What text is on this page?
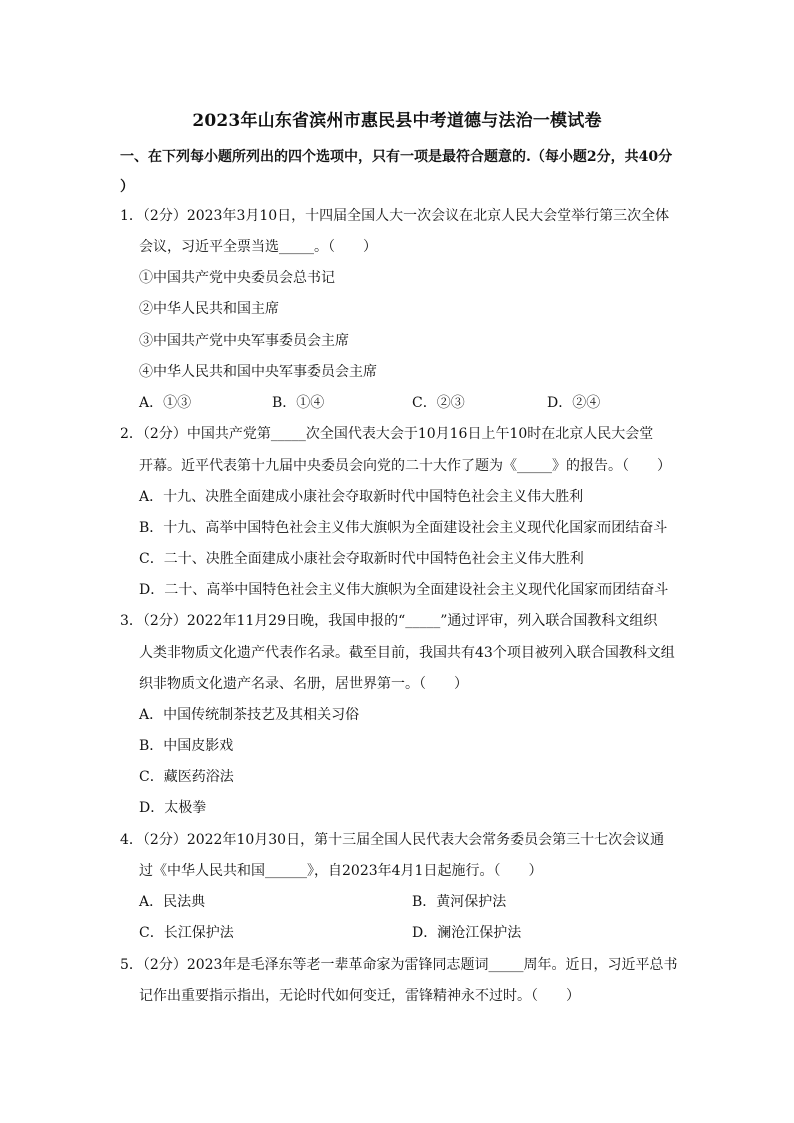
2023年山东省滨州市惠民县中考道德与法治一模试卷
一、在下列每小题所列出的四个选项中，只有一项是最符合题意的.（每小题2分，共40分
）
1．（2分）2023年3月10日，十四届全国人大一次会议在北京人民大会堂举行第三次全体
会议，习近平全票当选_____。（　　）
①中国共产党中央委员会总书记
②中华人民共和国主席
③中国共产党中央军事委员会主席
④中华人民共和国中央军事委员会主席
A．①③	B．①④	C．②③	D．②④
2．（2分）中国共产党第_____次全国代表大会于10月16日上午10时在北京人民大会堂
开幕。近平代表第十九届中央委员会向党的二十大作了题为《_____》的报告。（　　）
A．十九、决胜全面建成小康社会夺取新时代中国特色社会主义伟大胜利
B．十九、高举中国特色社会主义伟大旗帜为全面建设社会主义现代化国家而团结奋斗
C．二十、决胜全面建成小康社会夺取新时代中国特色社会主义伟大胜利
D．二十、高举中国特色社会主义伟大旗帜为全面建设社会主义现代化国家而团结奋斗
3．（2分）2022年11月29日晚，我国申报的“_____”通过评审，列入联合国教科文组织
人类非物质文化遗产代表作名录。截至目前，我国共有43个项目被列入联合国教科文组
织非物质文化遗产名录、名册，居世界第一。（　　）
A．中国传统制茶技艺及其相关习俗
B．中国皮影戏
C．藏医药浴法
D．太极拳
4．（2分）2022年10月30日，第十三届全国人民代表大会常务委员会第三十七次会议通
过《中华人民共和国______》，自2023年4月1日起施行。（　　）
A．民法典	B．黄河保护法
C．长江保护法	D．澜沧江保护法
5．（2分）2023年是毛泽东等老一辈革命家为雷锋同志题词_____周年。近日，习近平总书
记作出重要指示指出，无论时代如何变迁，雷锋精神永不过时。（　　）
